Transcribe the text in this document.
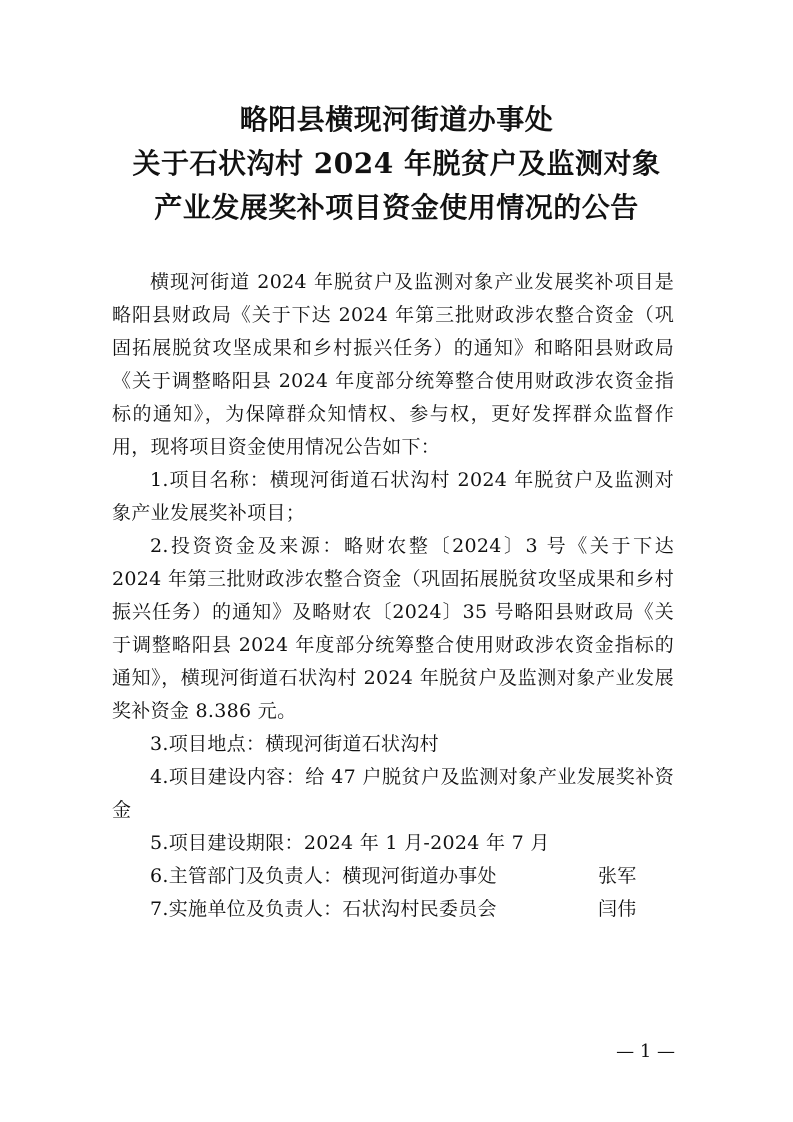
略阳县横现河街道办事处
关于石状沟村 2024 年脱贫户及监测对象
产业发展奖补项目资金使用情况的公告

横现河街道 2024 年脱贫户及监测对象产业发展奖补项目是略阳县财政局《关于下达 2024 年第三批财政涉农整合资金（巩固拓展脱贫攻坚成果和乡村振兴任务）的通知》和略阳县财政局《关于调整略阳县 2024 年度部分统筹整合使用财政涉农资金指标的通知》，为保障群众知情权、参与权，更好发挥群众监督作用，现将项目资金使用情况公告如下：

1.项目名称：横现河街道石状沟村 2024 年脱贫户及监测对象产业发展奖补项目；

2.投资资金及来源：略财农整〔2024〕3 号《关于下达 2024 年第三批财政涉农整合资金（巩固拓展脱贫攻坚成果和乡村振兴任务）的通知》及略财农〔2024〕35 号略阳县财政局《关于调整略阳县 2024 年度部分统筹整合使用财政涉农资金指标的通知》，横现河街道石状沟村 2024 年脱贫户及监测对象产业发展奖补资金 8.386 元。

3.项目地点：横现河街道石状沟村

4.项目建设内容：给 47 户脱贫户及监测对象产业发展奖补资金

5.项目建设期限：2024 年 1 月-2024 年 7 月

6.主管部门及负责人：横现河街道办事处	张军

7.实施单位及负责人：石状沟村民委员会	闫伟

— 1 —
